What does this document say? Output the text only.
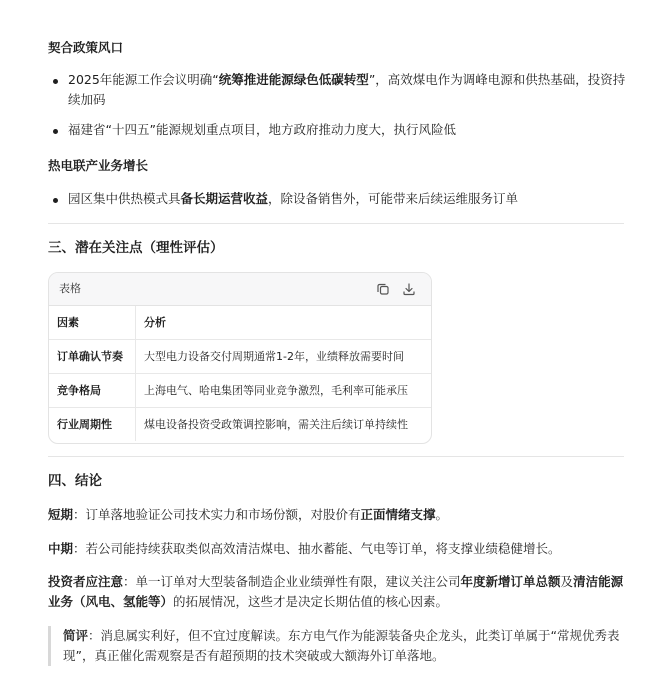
契合政策风口
2025年能源工作会议明确“统筹推进能源绿色低碳转型”，高效煤电作为调峰电源和供热基础，投资持续加码
福建省“十四五”能源规划重点项目，地方政府推动力度大，执行风险低
热电联产业务增长
园区集中供热模式具备长期运营收益，除设备销售外，可能带来后续运维服务订单
三、潜在关注点（理性评估）
表格
因素	分析
订单确认节奏	大型电力设备交付周期通常1-2年，业绩释放需要时间
竞争格局	上海电气、哈电集团等同业竞争激烈，毛利率可能承压
行业周期性	煤电设备投资受政策调控影响，需关注后续订单持续性
四、结论
短期：订单落地验证公司技术实力和市场份额，对股价有正面情绪支撑。
中期：若公司能持续获取类似高效清洁煤电、抽水蓄能、气电等订单，将支撑业绩稳健增长。
投资者应注意：单一订单对大型装备制造企业业绩弹性有限，建议关注公司年度新增订单总额及清洁能源业务（风电、氢能等）的拓展情况，这些才是决定长期估值的核心因素。
简评：消息属实利好，但不宜过度解读。东方电气作为能源装备央企龙头，此类订单属于“常规优秀表现”，真正催化需观察是否有超预期的技术突破或大额海外订单落地。
